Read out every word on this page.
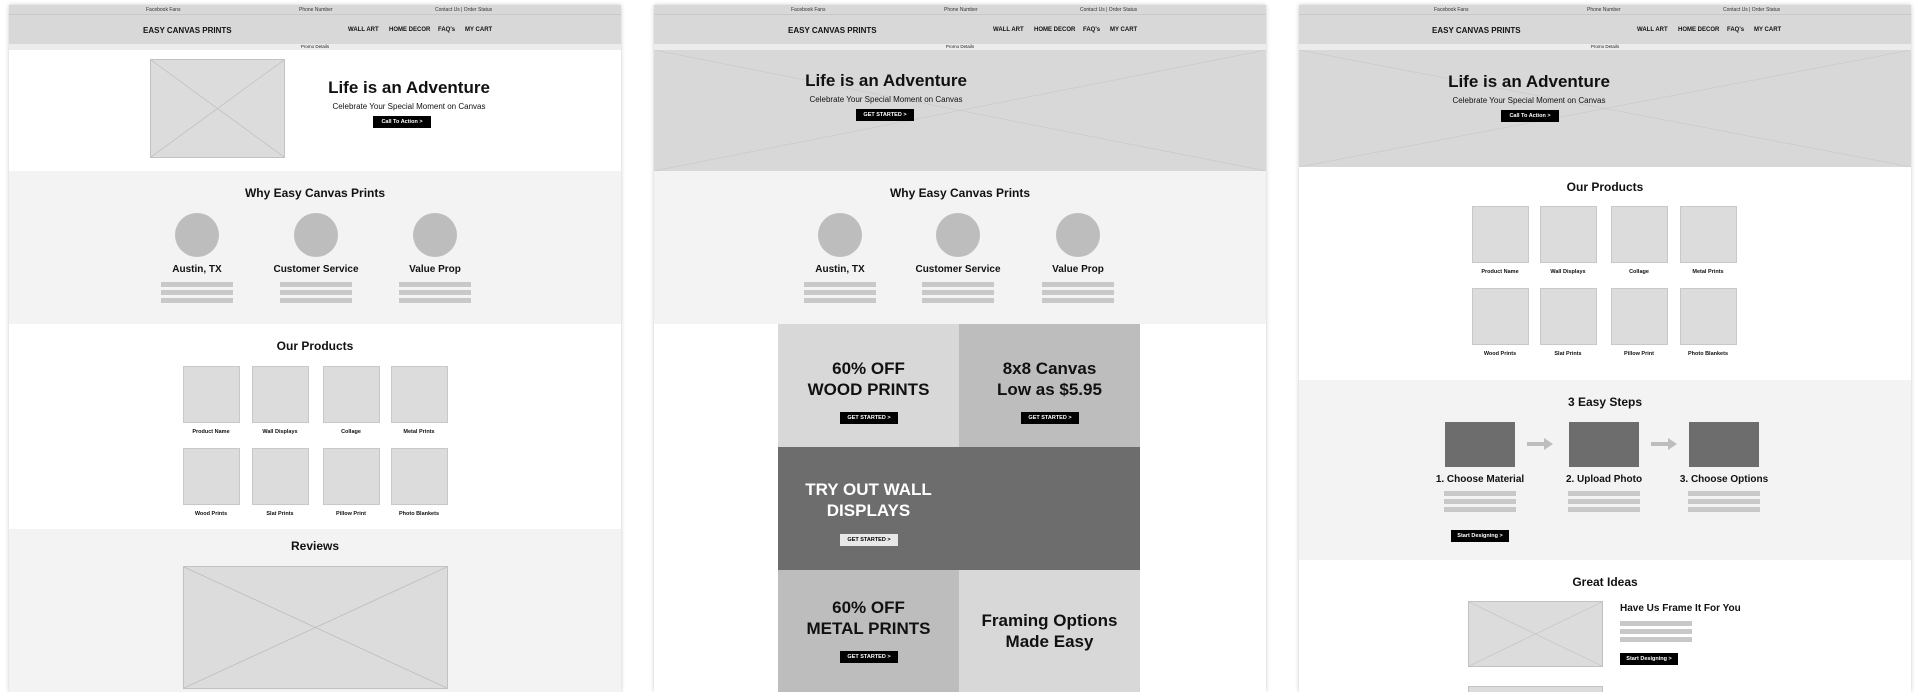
Facebook Fans	Phone Number	Contact Us | Order Status
EASY CANVAS PRINTS	WALL ART HOME DECOR FAQ's MY CART
Promo Details
Life is an Adventure
Celebrate Your Special Moment on Canvas
Call To Action >
Why Easy Canvas Prints
Austin, TX	Customer Service	Value Prop
Our Products
Product Name	Wall Displays	Collage	Metal Prints
Wood Prints	Slat Prints	Pillow Print	Photo Blankets
Reviews
Facebook Fans	Phone Number	Contact Us | Order Status
EASY CANVAS PRINTS	WALL ART HOME DECOR FAQ's MY CART
Promo Details
Life is an Adventure
Celebrate Your Special Moment on Canvas
GET STARTED >
Why Easy Canvas Prints
Austin, TX	Customer Service	Value Prop
60% OFF
WOOD PRINTS
GET STARTED >
8x8 Canvas
Low as $5.95
GET STARTED >
TRY OUT WALL
DISPLAYS
GET STARTED >
60% OFF
METAL PRINTS
GET STARTED >
Framing Options
Made Easy
Facebook Fans	Phone Number	Contact Us | Order Status
EASY CANVAS PRINTS	WALL ART HOME DECOR FAQ's MY CART
Promo Details
Life is an Adventure
Celebrate Your Special Moment on Canvas
Call To Action >
Our Products
Product Name	Wall Displays	Collage	Metal Prints
Wood Prints	Slat Prints	Pillow Print	Photo Blankets
3 Easy Steps
1. Choose Material	2. Upload Photo	3. Choose Options
Start Designing >
Great Ideas
Have Us Frame It For You
Start Designing >
